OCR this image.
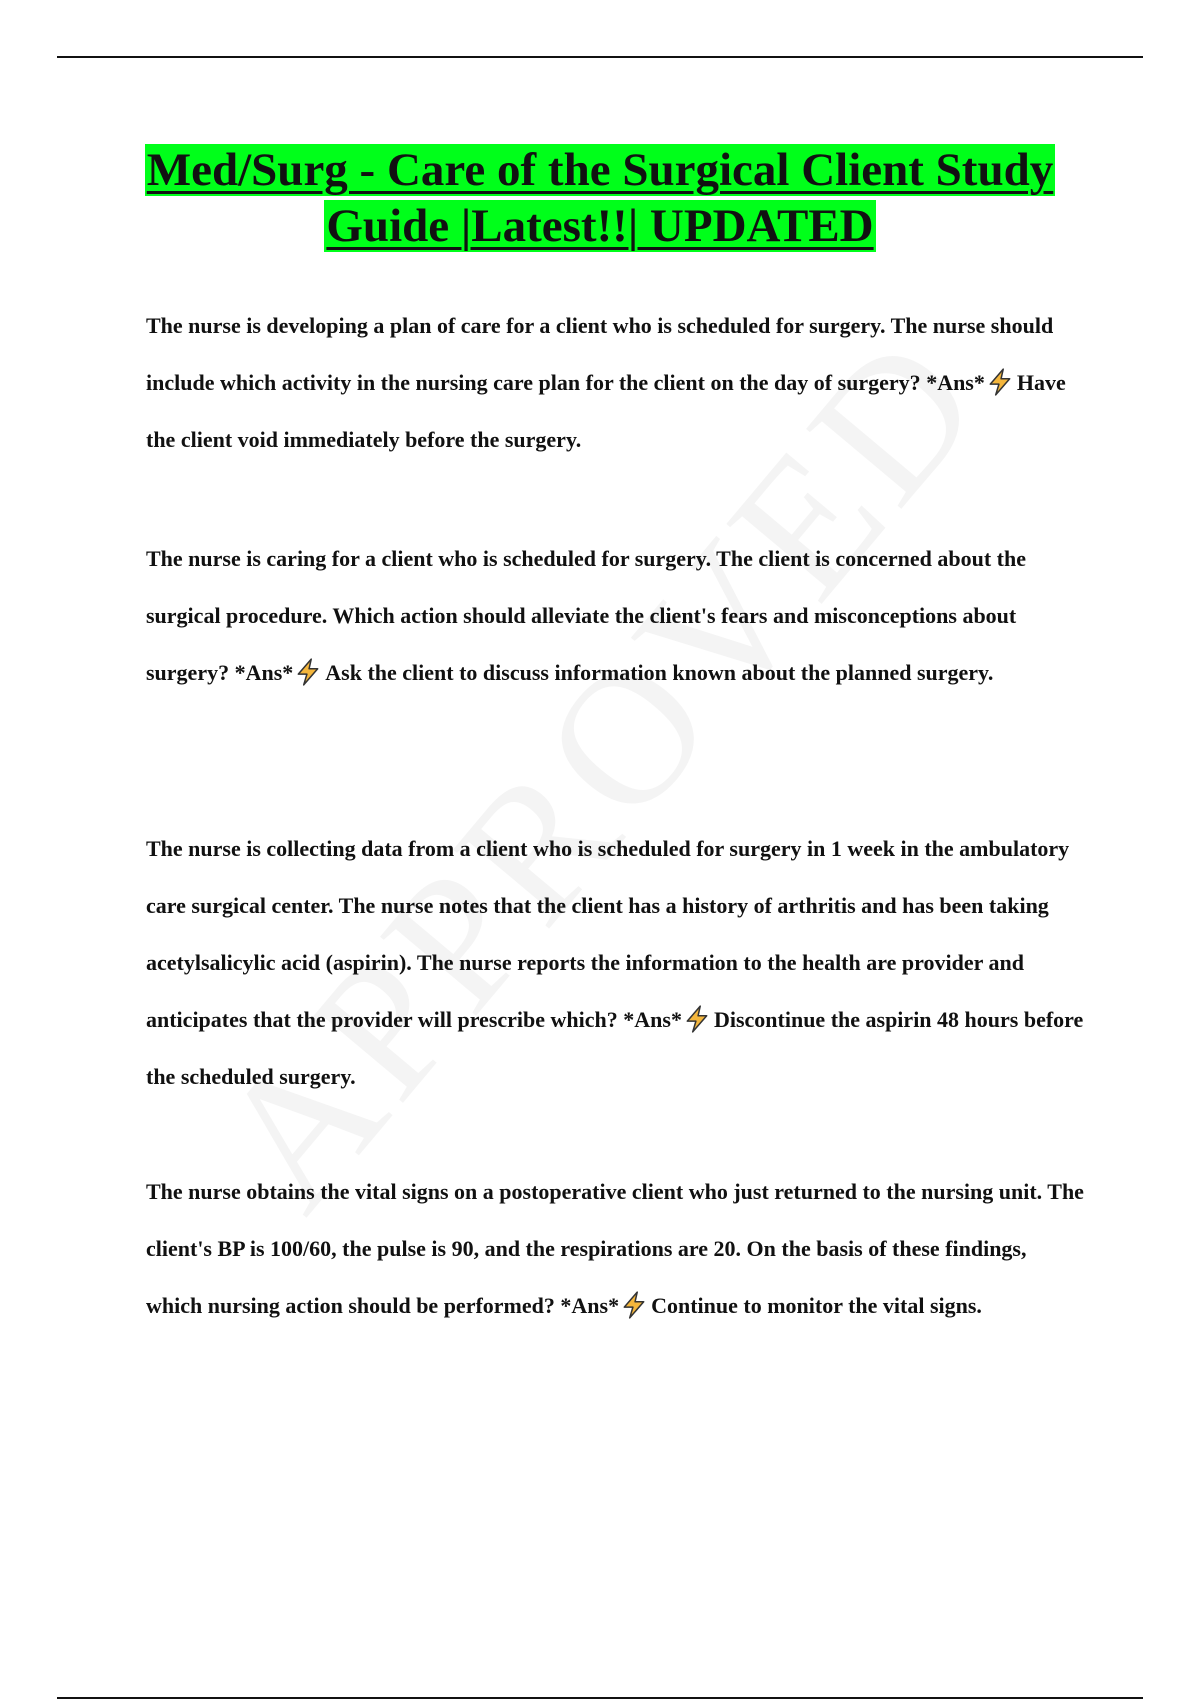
Med/Surg - Care of the Surgical Client Study Guide |Latest!!| UPDATED

The nurse is developing a plan of care for a client who is scheduled for surgery. The nurse should include which activity in the nursing care plan for the client on the day of surgery? *Ans* Have the client void immediately before the surgery.

The nurse is caring for a client who is scheduled for surgery. The client is concerned about the surgical procedure. Which action should alleviate the client's fears and misconceptions about surgery? *Ans* Ask the client to discuss information known about the planned surgery.

The nurse is collecting data from a client who is scheduled for surgery in 1 week in the ambulatory care surgical center. The nurse notes that the client has a history of arthritis and has been taking acetylsalicylic acid (aspirin). The nurse reports the information to the health are provider and anticipates that the provider will prescribe which? *Ans* Discontinue the aspirin 48 hours before the scheduled surgery.

The nurse obtains the vital signs on a postoperative client who just returned to the nursing unit. The client's BP is 100/60, the pulse is 90, and the respirations are 20. On the basis of these findings, which nursing action should be performed? *Ans* Continue to monitor the vital signs.
